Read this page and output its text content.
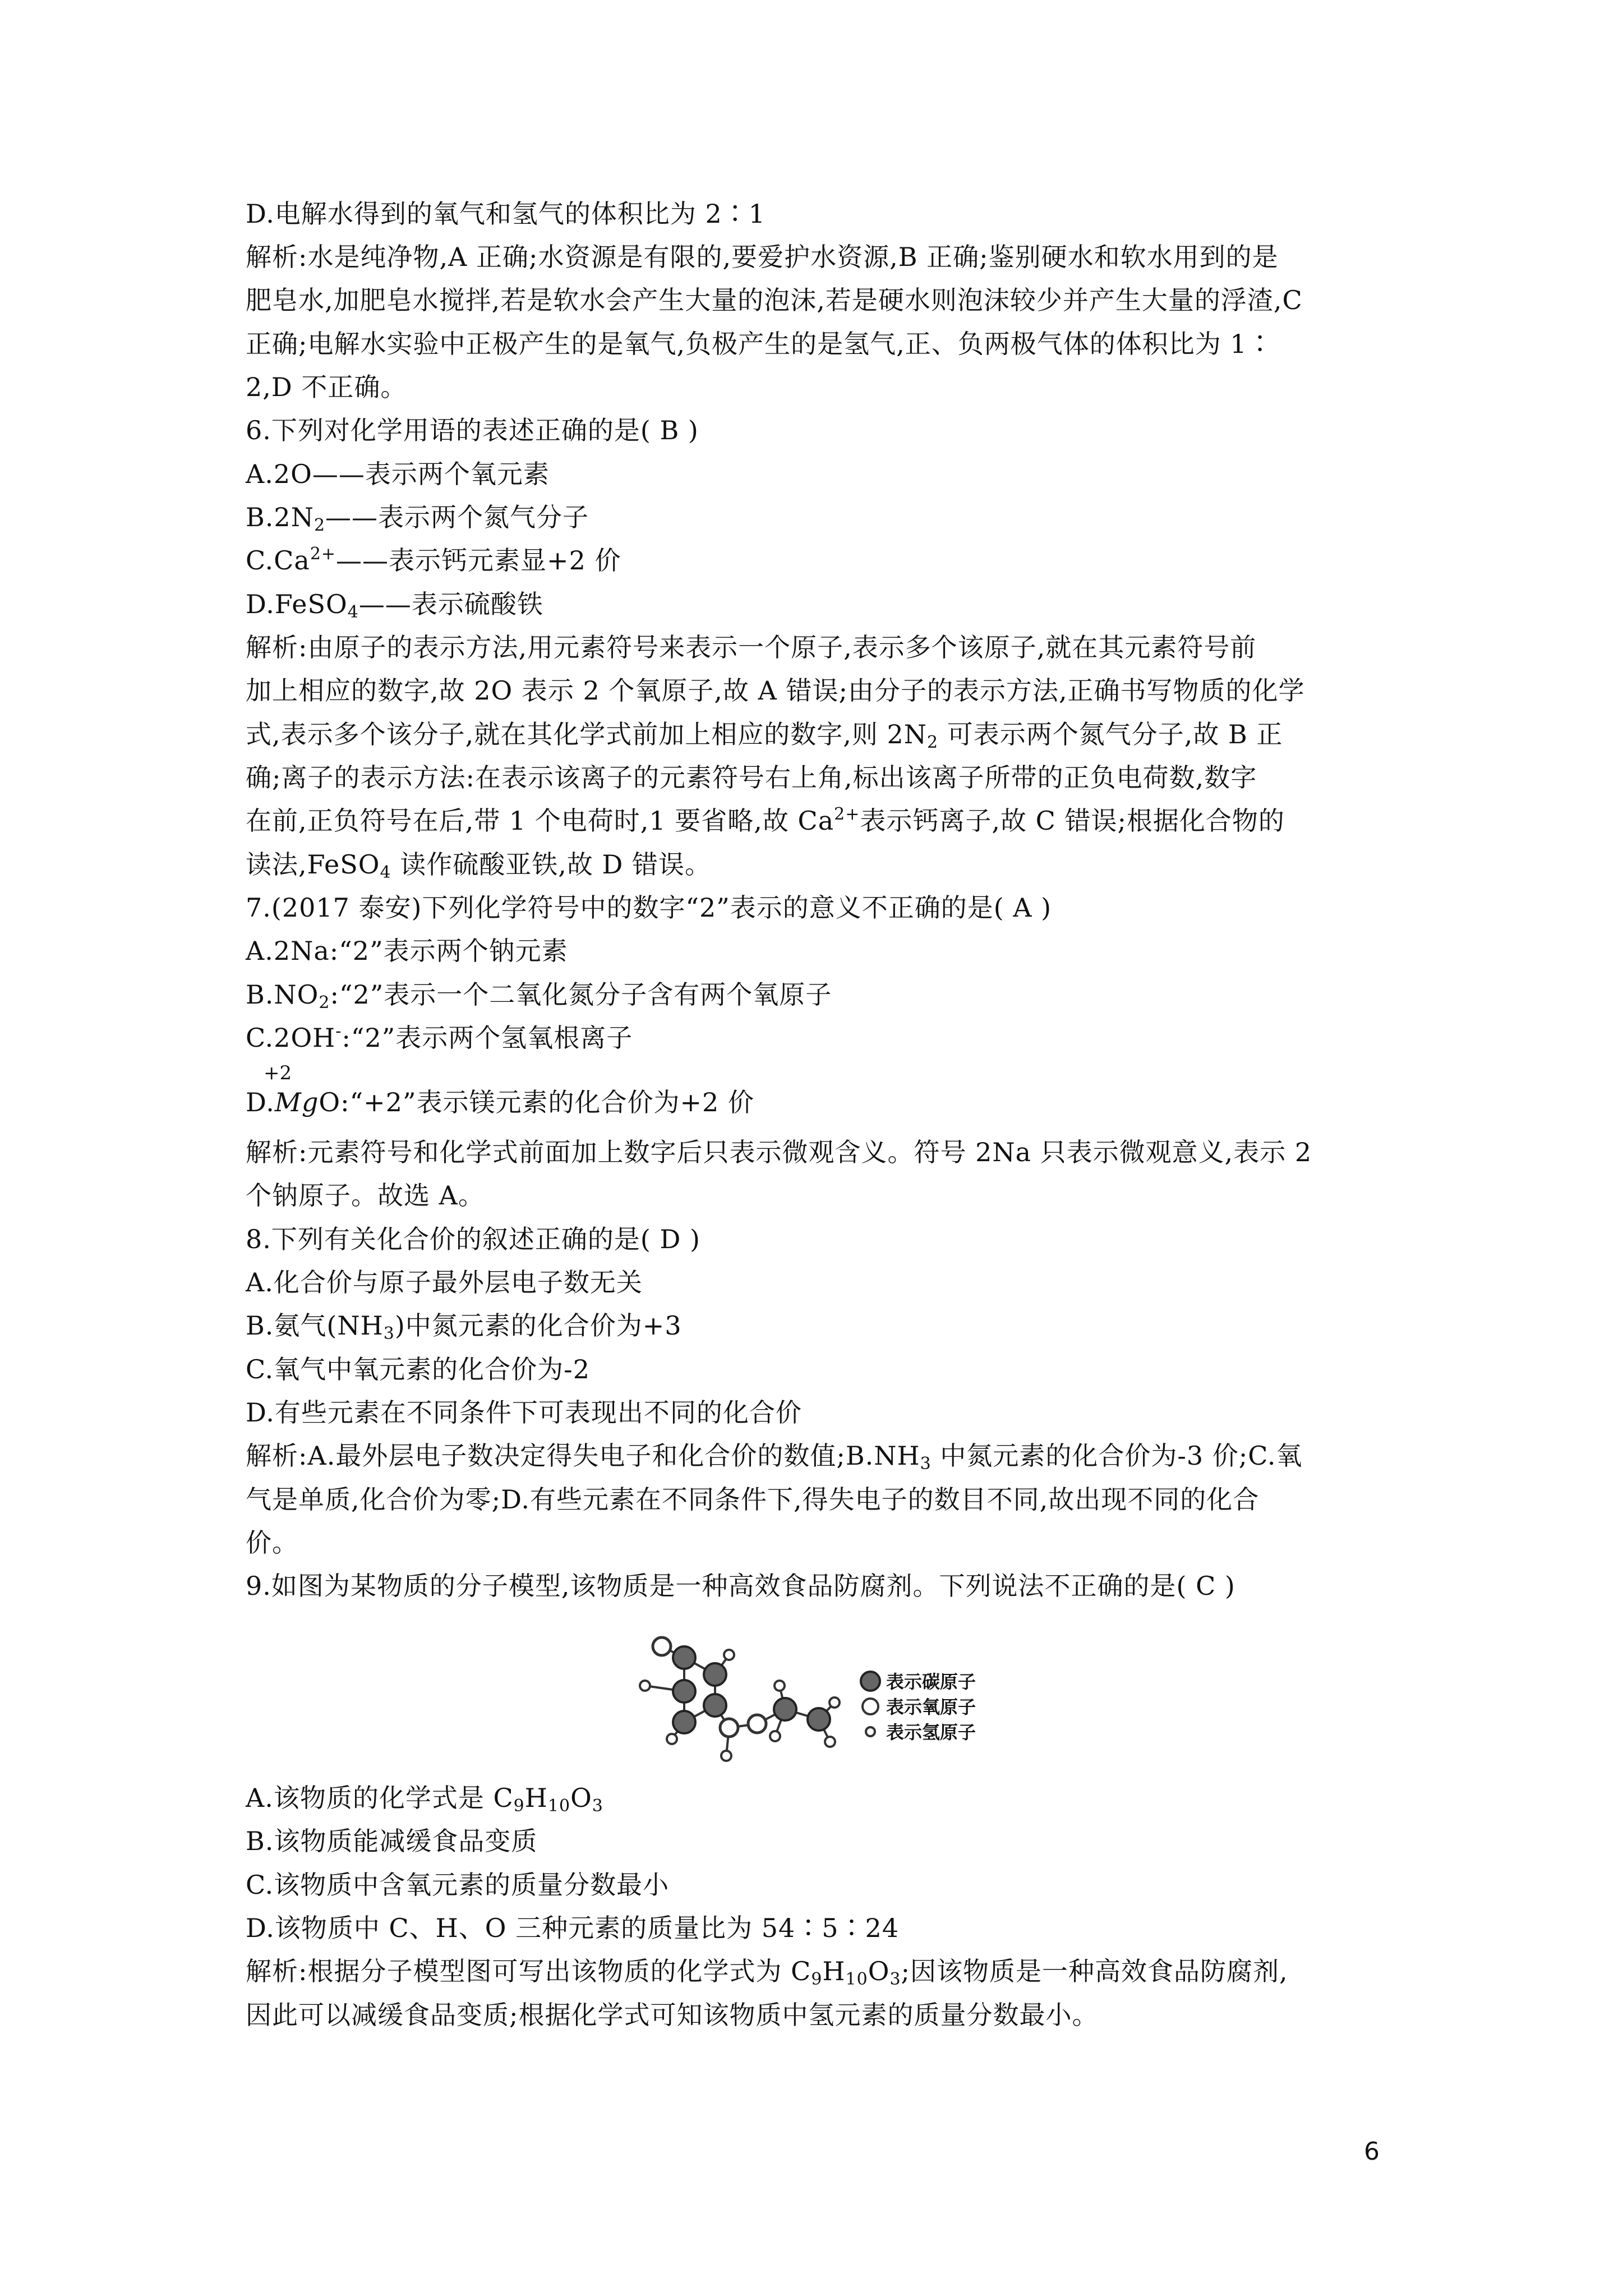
D.电解水得到的氧气和氢气的体积比为 2∶1
解析:水是纯净物,A 正确;水资源是有限的,要爱护水资源,B 正确;鉴别硬水和软水用到的是
肥皂水,加肥皂水搅拌,若是软水会产生大量的泡沫,若是硬水则泡沫较少并产生大量的浮渣,C
正确;电解水实验中正极产生的是氧气,负极产生的是氢气,正、负两极气体的体积比为 1∶
2,D 不正确。
6.下列对化学用语的表述正确的是( B )
A.2O——表示两个氧元素
$B.2N_2——$表示两个氮气分子
$C.Ca^{2+}——$表示钙元素显+2 价
D.FeSO$_4$——表示硫酸铁
解析:由原子的表示方法,用元素符号来表示一个原子,表示多个该原子,就在其元素符号前
加上相应的数字,故 2O 表示 2 个氧原子,故 A 错误;由分子的表示方法,正确书写物质的化学
式,表示多个该分子,就在其化学式前加上相应的数字,则 $2N_2$ 可表示两个氮气分子,故 B 正
确;离子的表示方法:在表示该离子的元素符号右上角,标出该离子所带的正负电荷数,数字
在前,正负符号在后,带 1 个电荷时,1 要省略,故 $Ca^{2+}$表示钙离子,故 C 错误;根据化合物的
读法,FeSO$_4$ 读作硫酸亚铁,故 D 错误。
7.(2017 泰安)下列化学符号中的数字“2”表示的意义不正确的是( A )
A.2Na:“2”表示两个钠元素
$B.NO_2:“2$”表示一个二氧化氮分子含有两个氧原子
C.2OH-:“2”表示两个氢氧根离子
+2
D.MgO:“+2”表示镁元素的化合价为+2 价
解析:元素符号和化学式前面加上数字后只表示微观含义。符号 2Na 只表示微观意义,表示 2
个钠原子。故选 A。
8.下列有关化合价的叙述正确的是( D )
A.化合价与原子最外层电子数无关
B.氨气$(NH_3)$中氮元素的化合价为+3
C.氧气中氧元素的化合价为-2
D.有些元素在不同条件下可表现出不同的化合价
解析:A.最外层电子数决定得失电子和化合价的数值$;B.NH_3$ 中氮元素的化合价为-3 价;C.氧
气是单质,化合价为零;D.有些元素在不同条件下,得失电子的数目不同,故出现不同的化合
价。
9.如图为某物质的分子模型,该物质是一种高效食品防腐剂。下列说法不正确的是( C )
表示碳原子
表示氧原子
表示氢原子
A.该物质的化学式是 $C_9H_{10}O_3$
B.该物质能减缓食品变质
C.该物质中含氧元素的质量分数最小
D.该物质中 C、H、O 三种元素的质量比为 54∶5∶24
解析:根据分子模型图可写出该物质的化学式为 $C_9H_{10}O_3$;因该物质是一种高效食品防腐剂,
因此可以减缓食品变质;根据化学式可知该物质中氢元素的质量分数最小。
6
